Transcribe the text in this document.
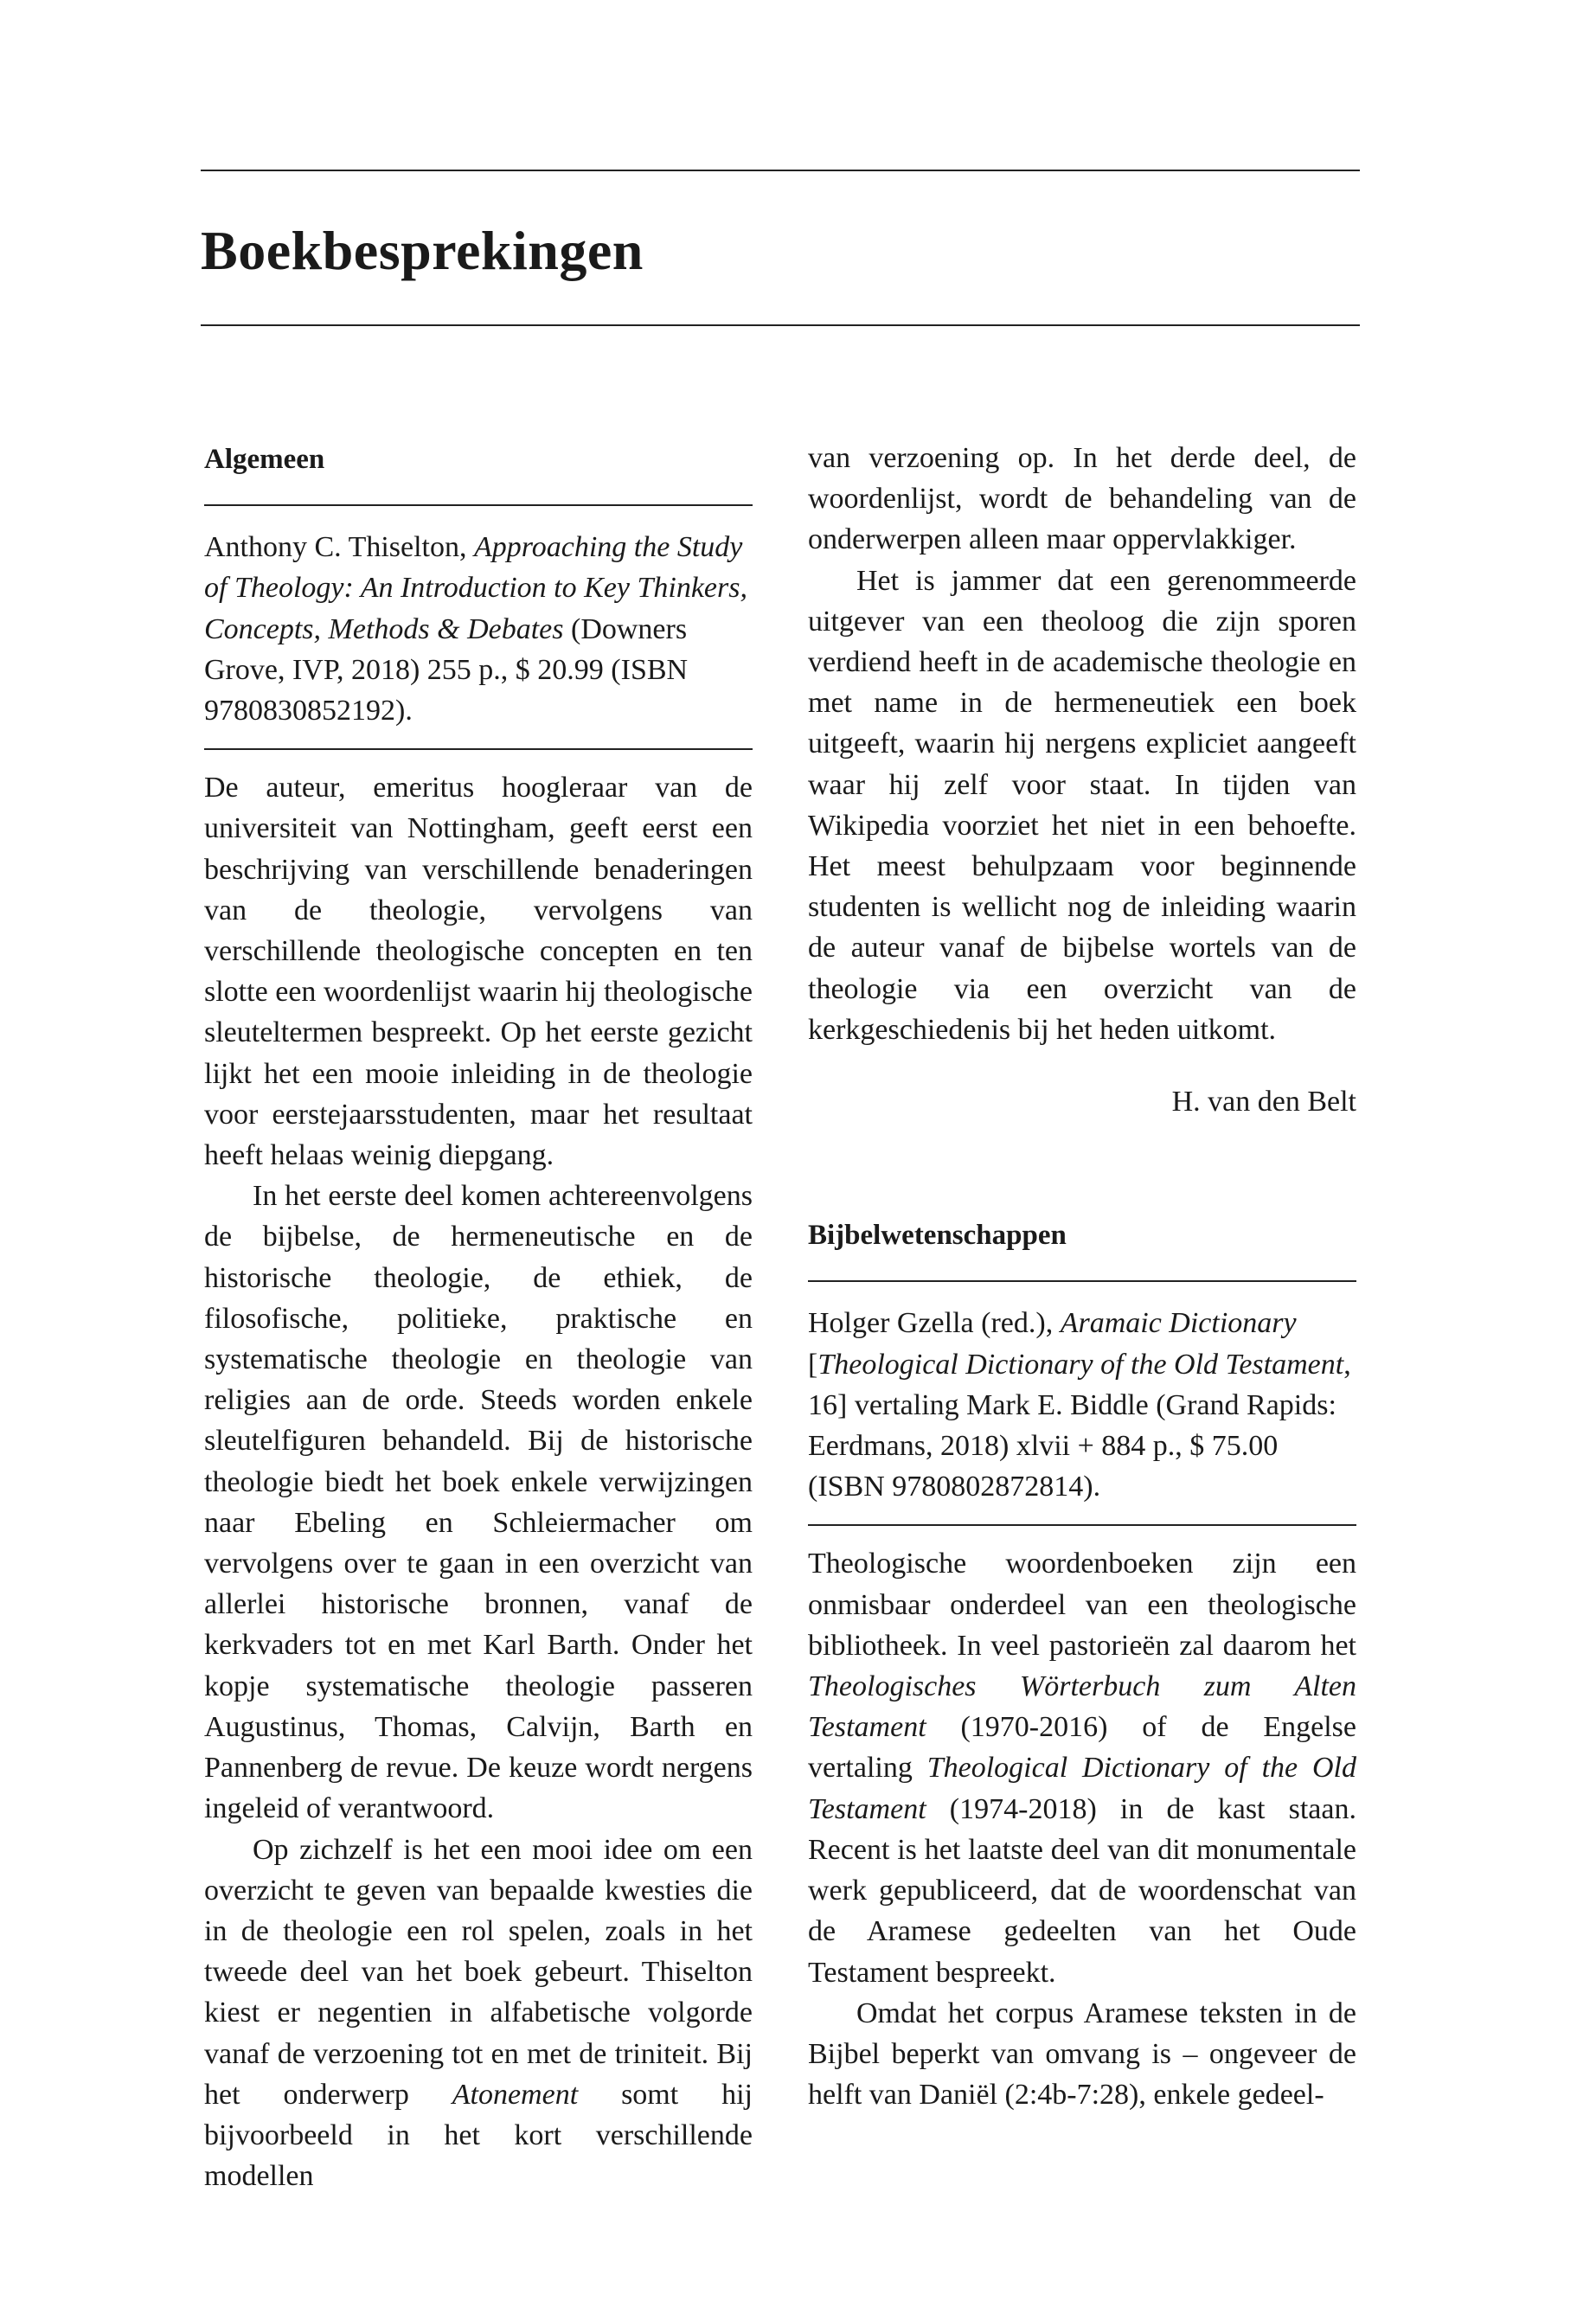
Boekbesprekingen
Algemeen

Anthony C. Thiselton, Approaching the Study of Theology: An Introduction to Key Thinkers, Concepts, Methods & Debates (Downers Grove, IVP, 2018) 255 p., $ 20.99 (ISBN 9780830852192).

De auteur, emeritus hoogleraar van de universiteit van Nottingham, geeft eerst een beschrijving van verschillende benaderingen van de theologie, vervolgens van verschillende theologische concepten en ten slotte een woordenlijst waarin hij theologische sleuteltermen bespreekt. Op het eerste gezicht lijkt het een mooie inleiding in de theologie voor eerstejaarsstudenten, maar het resultaat heeft helaas weinig diepgang.

In het eerste deel komen achtereenvolgens de bijbelse, de hermeneutische en de historische theologie, de ethiek, de filosofische, politieke, praktische en systematische theologie en theologie van religies aan de orde. Steeds worden enkele sleutelfiguren behandeld. Bij de historische theologie biedt het boek enkele verwijzingen naar Ebeling en Schleiermacher om vervolgens over te gaan in een overzicht van allerlei historische bronnen, vanaf de kerkvaders tot en met Karl Barth. Onder het kopje systematische theologie passeren Augustinus, Thomas, Calvijn, Barth en Pannenberg de revue. De keuze wordt nergens ingeleid of verantwoord.

Op zichzelf is het een mooi idee om een overzicht te geven van bepaalde kwesties die in de theologie een rol spelen, zoals in het tweede deel van het boek gebeurt. Thiselton kiest er negentien in alfabetische volgorde vanaf de verzoening tot en met de triniteit. Bij het onderwerp Atonement somt hij bijvoorbeeld in het kort verschillende modellen

van verzoening op. In het derde deel, de woordenlijst, wordt de behandeling van de onderwerpen alleen maar oppervlakkiger.

Het is jammer dat een gerenommeerde uitgever van een theoloog die zijn sporen verdiend heeft in de academische theologie en met name in de hermeneutiek een boek uitgeeft, waarin hij nergens expliciet aangeeft waar hij zelf voor staat. In tijden van Wikipedia voorziet het niet in een behoefte. Het meest behulpzaam voor beginnende studenten is wellicht nog de inleiding waarin de auteur vanaf de bijbelse wortels van de theologie via een overzicht van de kerkgeschiedenis bij het heden uitkomt.

H. van den Belt

Bijbelwetenschappen

Holger Gzella (red.), Aramaic Dictionary [Theological Dictionary of the Old Testament, 16] vertaling Mark E. Biddle (Grand Rapids: Eerdmans, 2018) xlvii + 884 p., $ 75.00 (ISBN 9780802872814).

Theologische woordenboeken zijn een onmisbaar onderdeel van een theologische bibliotheek. In veel pastorieën zal daarom het Theologisches Wörterbuch zum Alten Testament (1970-2016) of de Engelse vertaling Theological Dictionary of the Old Testament (1974-2018) in de kast staan. Recent is het laatste deel van dit monumentale werk gepubliceerd, dat de woordenschat van de Aramese gedeelten van het Oude Testament bespreekt.

Omdat het corpus Aramese teksten in de Bijbel beperkt van omvang is – ongeveer de helft van Daniël (2:4b-7:28), enkele gedeel-
